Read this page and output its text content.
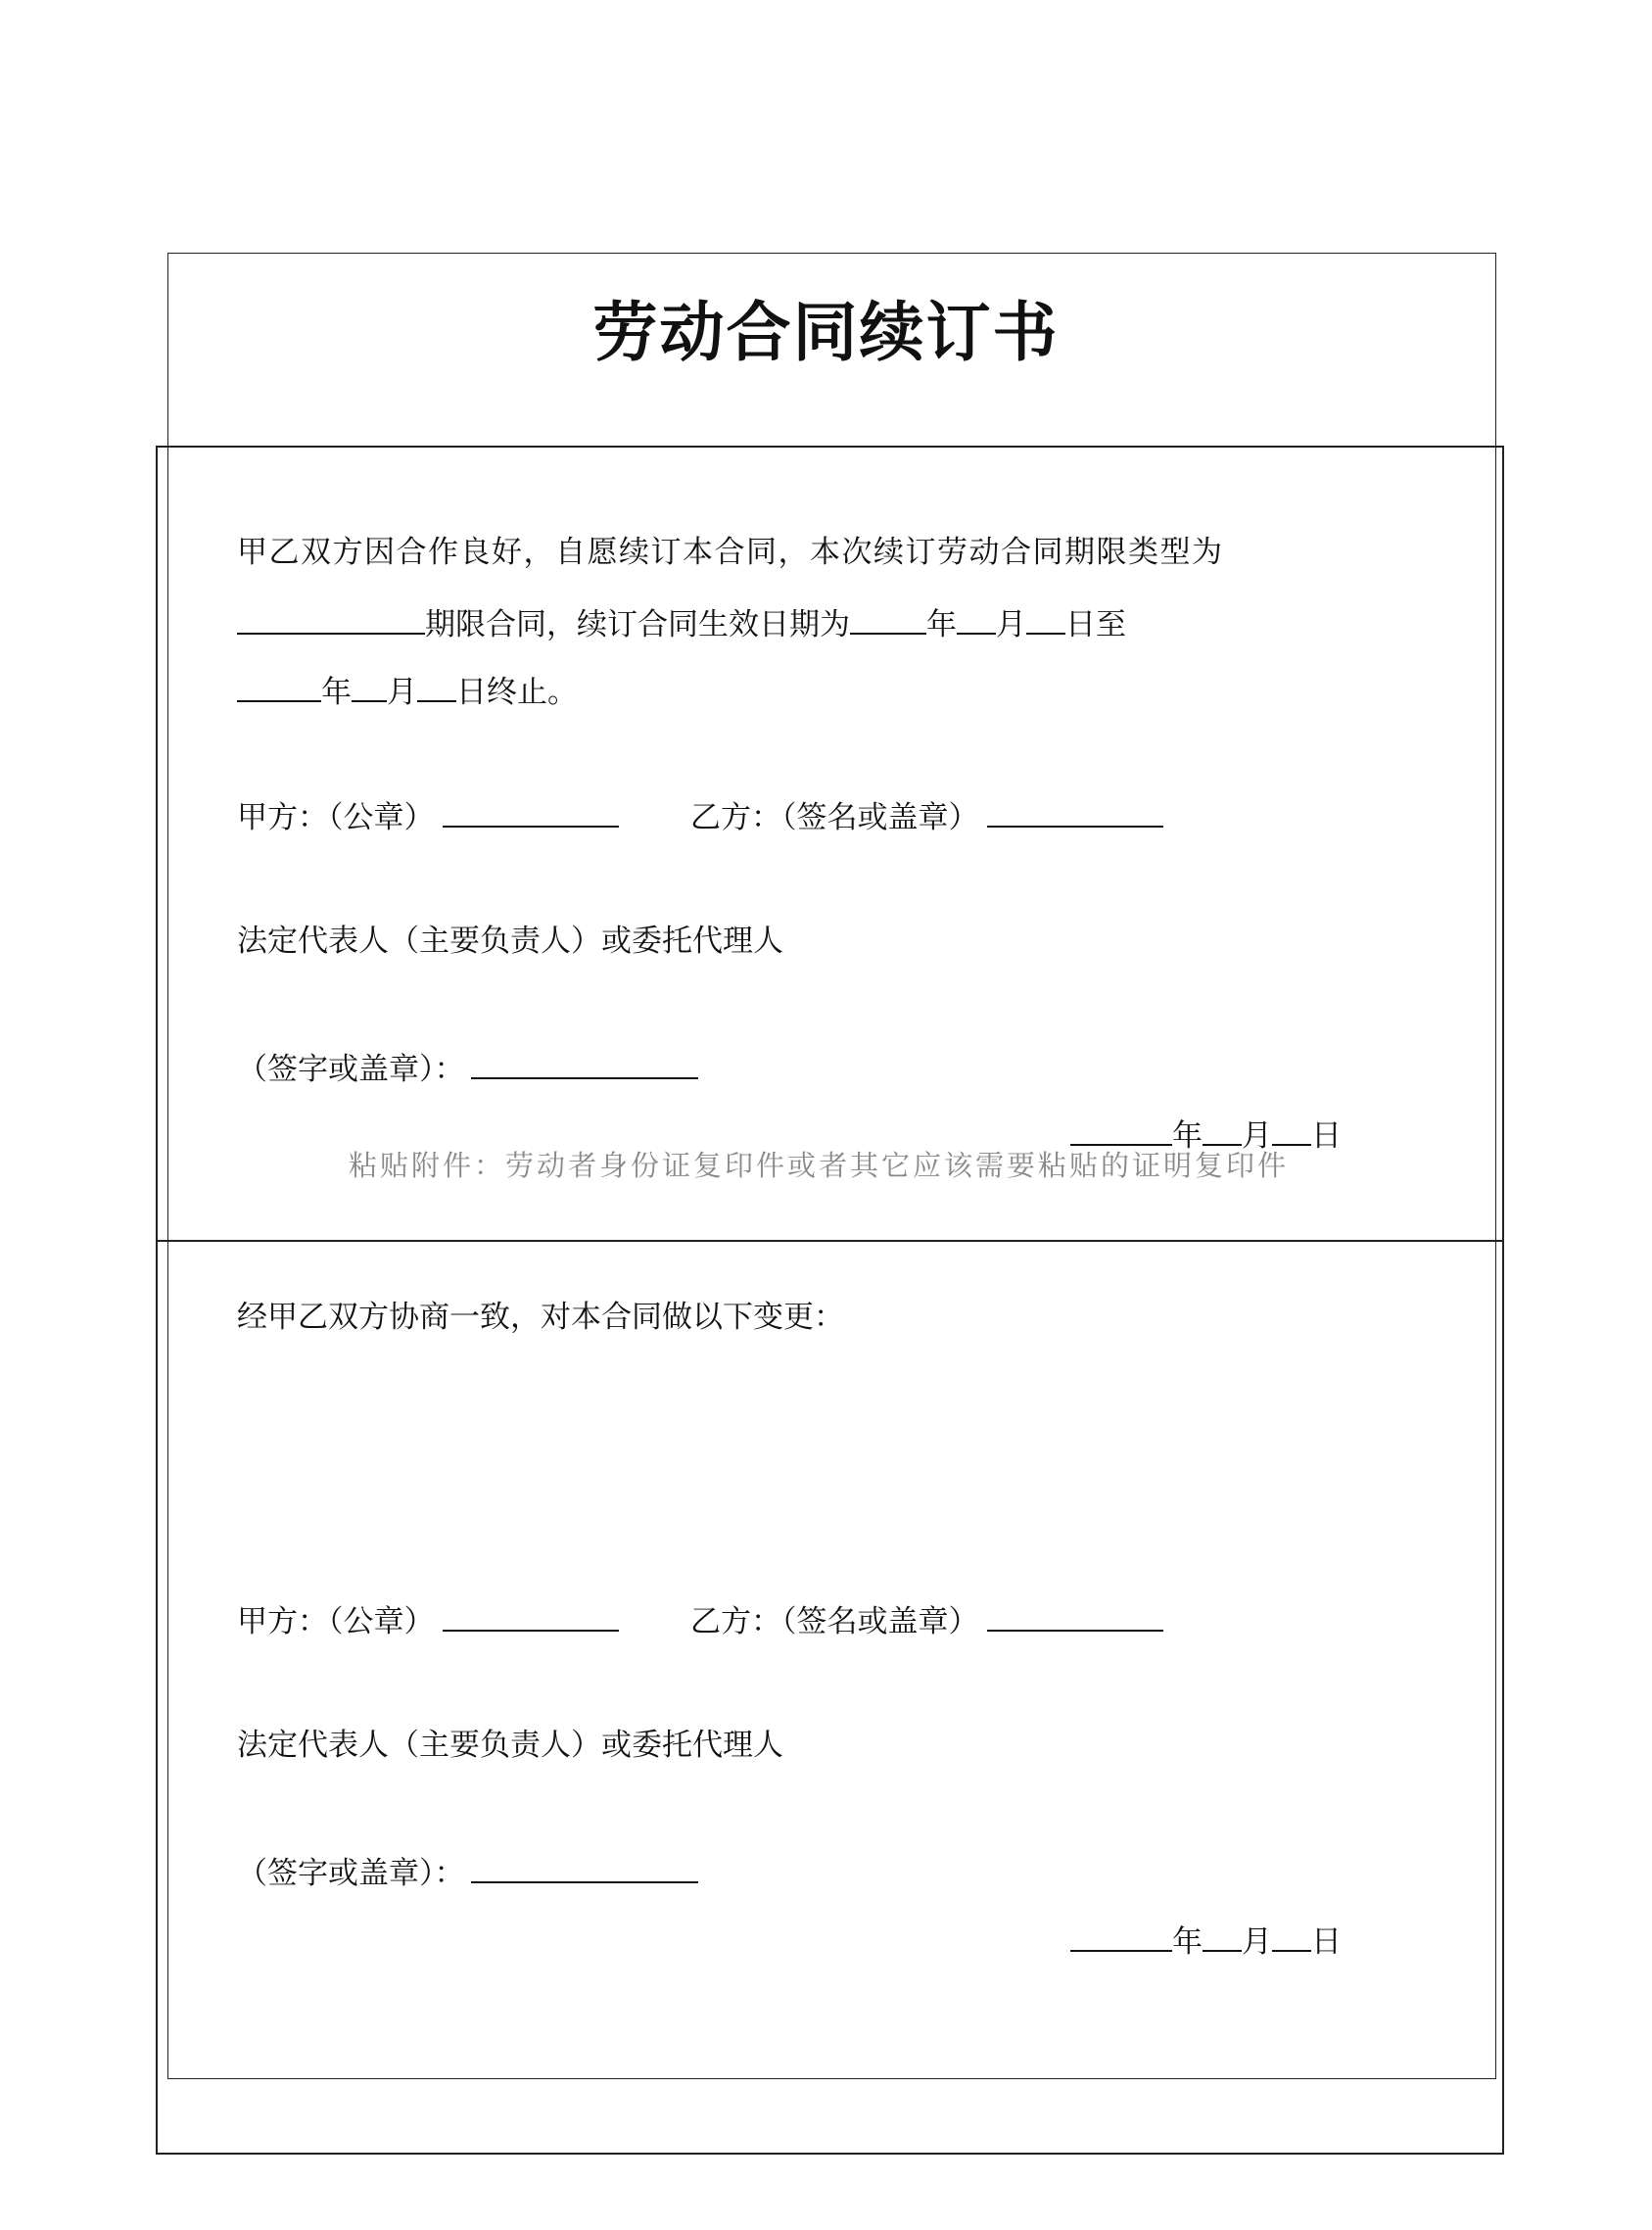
劳动合同续订书
甲乙双方因合作良好，自愿续订本合同，本次续订劳动合同期限类型为
期限合同，续订合同生效日期为	年 月 日至
年 月 日终止。
甲方：（公章）	乙方：（签名或盖章）
法定代表人（主要负责人）或委托代理人
（签字或盖章）：
年 月 日
粘贴附件：劳动者身份证复印件或者其它应该需要粘贴的证明复印件
经甲乙双方协商一致，对本合同做以下变更：
甲方：（公章）	乙方：（签名或盖章）
法定代表人（主要负责人）或委托代理人
（签字或盖章）：
年 月 日
